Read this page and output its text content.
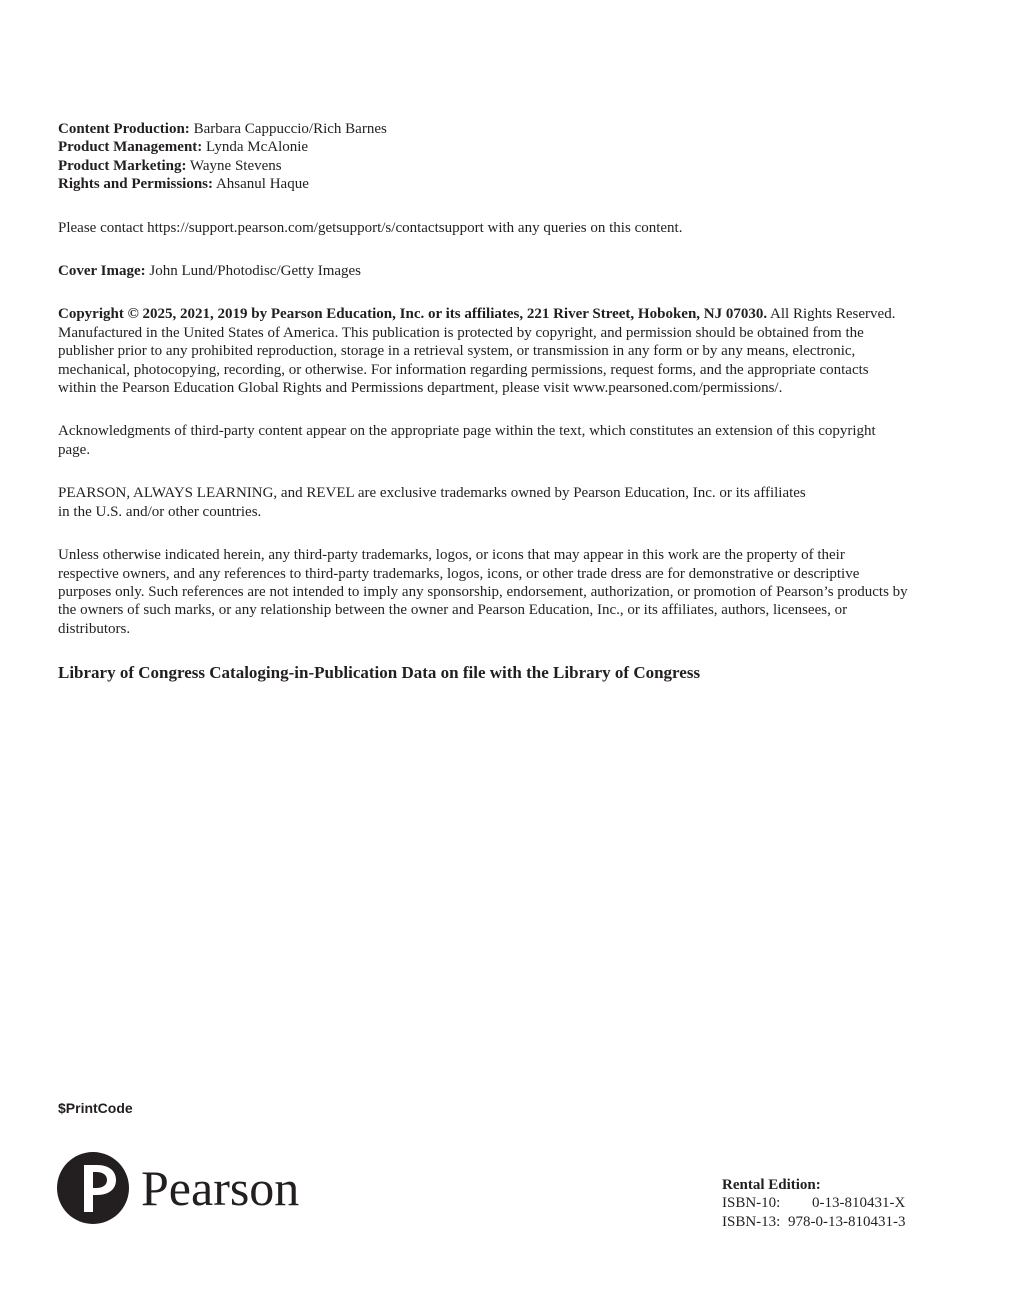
Content Production: Barbara Cappuccio/Rich Barnes

Product Management: Lynda McAlonie

Product Marketing: Wayne Stevens

Rights and Permissions: Ahsanul Haque

Please contact https://support.pearson.com/getsupport/s/contactsupport with any queries on this content.

Cover Image: John Lund/Photodisc/Getty Images

Copyright © 2025, 2021, 2019 by Pearson Education, Inc. or its affiliates, 221 River Street, Hoboken, NJ 07030. All Rights Reserved. Manufactured in the United States of America. This publication is protected by copyright, and permission should be obtained from the publisher prior to any prohibited reproduction, storage in a retrieval system, or transmission in any form or by any means, electronic, mechanical, photocopying, recording, or otherwise. For information regarding permissions, request forms, and the appropriate contacts within the Pearson Education Global Rights and Permissions department, please visit www.pearsoned.com/permissions/.

Acknowledgments of third-party content appear on the appropriate page within the text, which constitutes an extension of this copyright page.

PEARSON, ALWAYS LEARNING, and REVEL are exclusive trademarks owned by Pearson Education, Inc. or its affiliates
in the U.S. and/or other countries.

Unless otherwise indicated herein, any third-party trademarks, logos, or icons that may appear in this work are the property of their respective owners, and any references to third-party trademarks, logos, icons, or other trade dress are for demonstrative or descriptive purposes only. Such references are not intended to imply any sponsorship, endorsement, authorization, or promotion of Pearson’s products by the owners of such marks, or any relationship between the owner and Pearson Education, Inc., or its affiliates, authors, licensees, or distributors.

Library of Congress Cataloging-in-Publication Data on file with the Library of Congress

$PrintCode
Pearson	Rental Edition:
ISBN-10: 0-13-810431-X
ISBN-13: 978-0-13-810431-3
